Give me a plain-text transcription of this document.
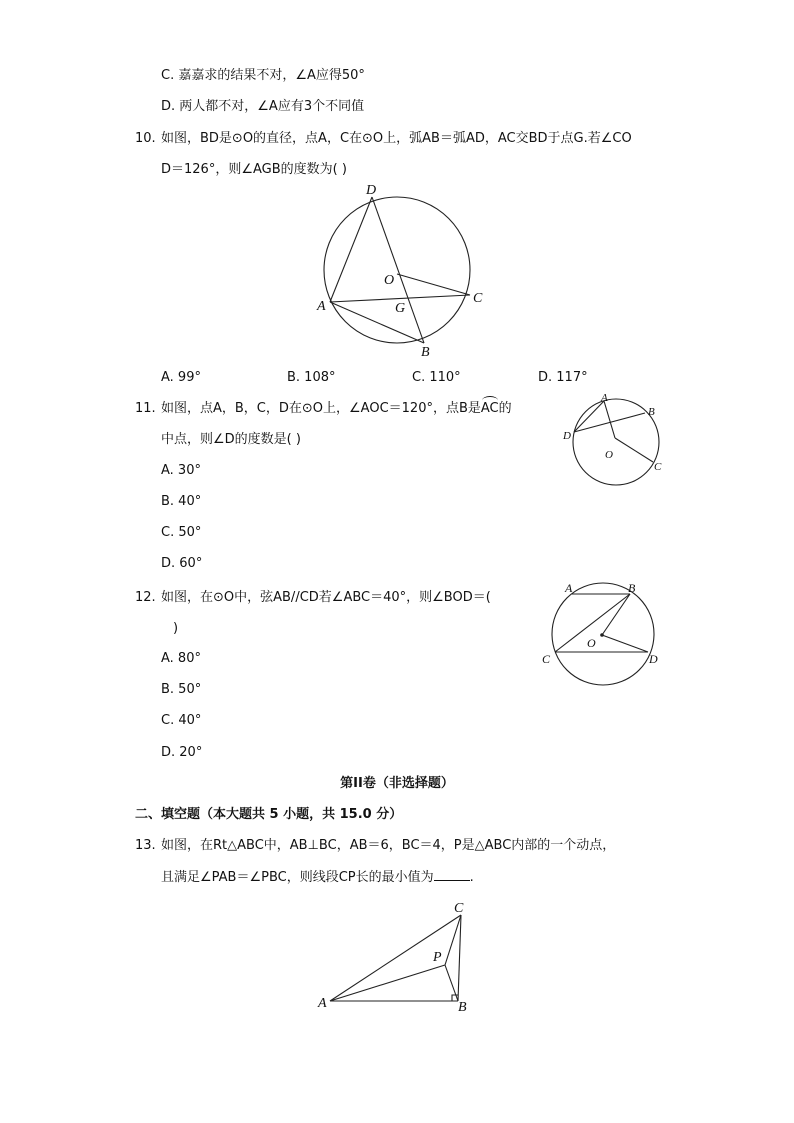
C. 嘉嘉求的结果不对，∠A应得50°
D. 两人都不对，∠A应有3个不同值
10. 如图，BD是⊙O的直径，点A，C在⊙O上，弧AB＝弧AD，AC交BD于点G.若∠CO
D＝126°，则∠AGB的度数为( )
D
O
A	G
C
B
A. 99°	B. 108°	C. 110°	D. 117°
11. 如图，点A，B，C，D在⊙O上，∠AOC＝120°，点B是AC的
中点，则∠D的度数是( )
A. 30°
B. 40°
C. 50°
D. 60°
A
B
D
O
C
12. 如图，在⊙O中，弦AB//CD若∠ABC＝40°，则∠BOD＝(
)
A. 80°
B. 50°
C. 40°
D. 20°
A	B
O
C	D
第II卷（非选择题）
二、填空题（本大题共 5 小题，共 15.0 分）
13. 如图，在Rt△ABC中，AB⊥BC，AB＝6，BC＝4，P是△ABC内部的一个动点，
且满足∠PAB＝∠PBC，则线段CP长的最小值为	.
C
P
A	B
